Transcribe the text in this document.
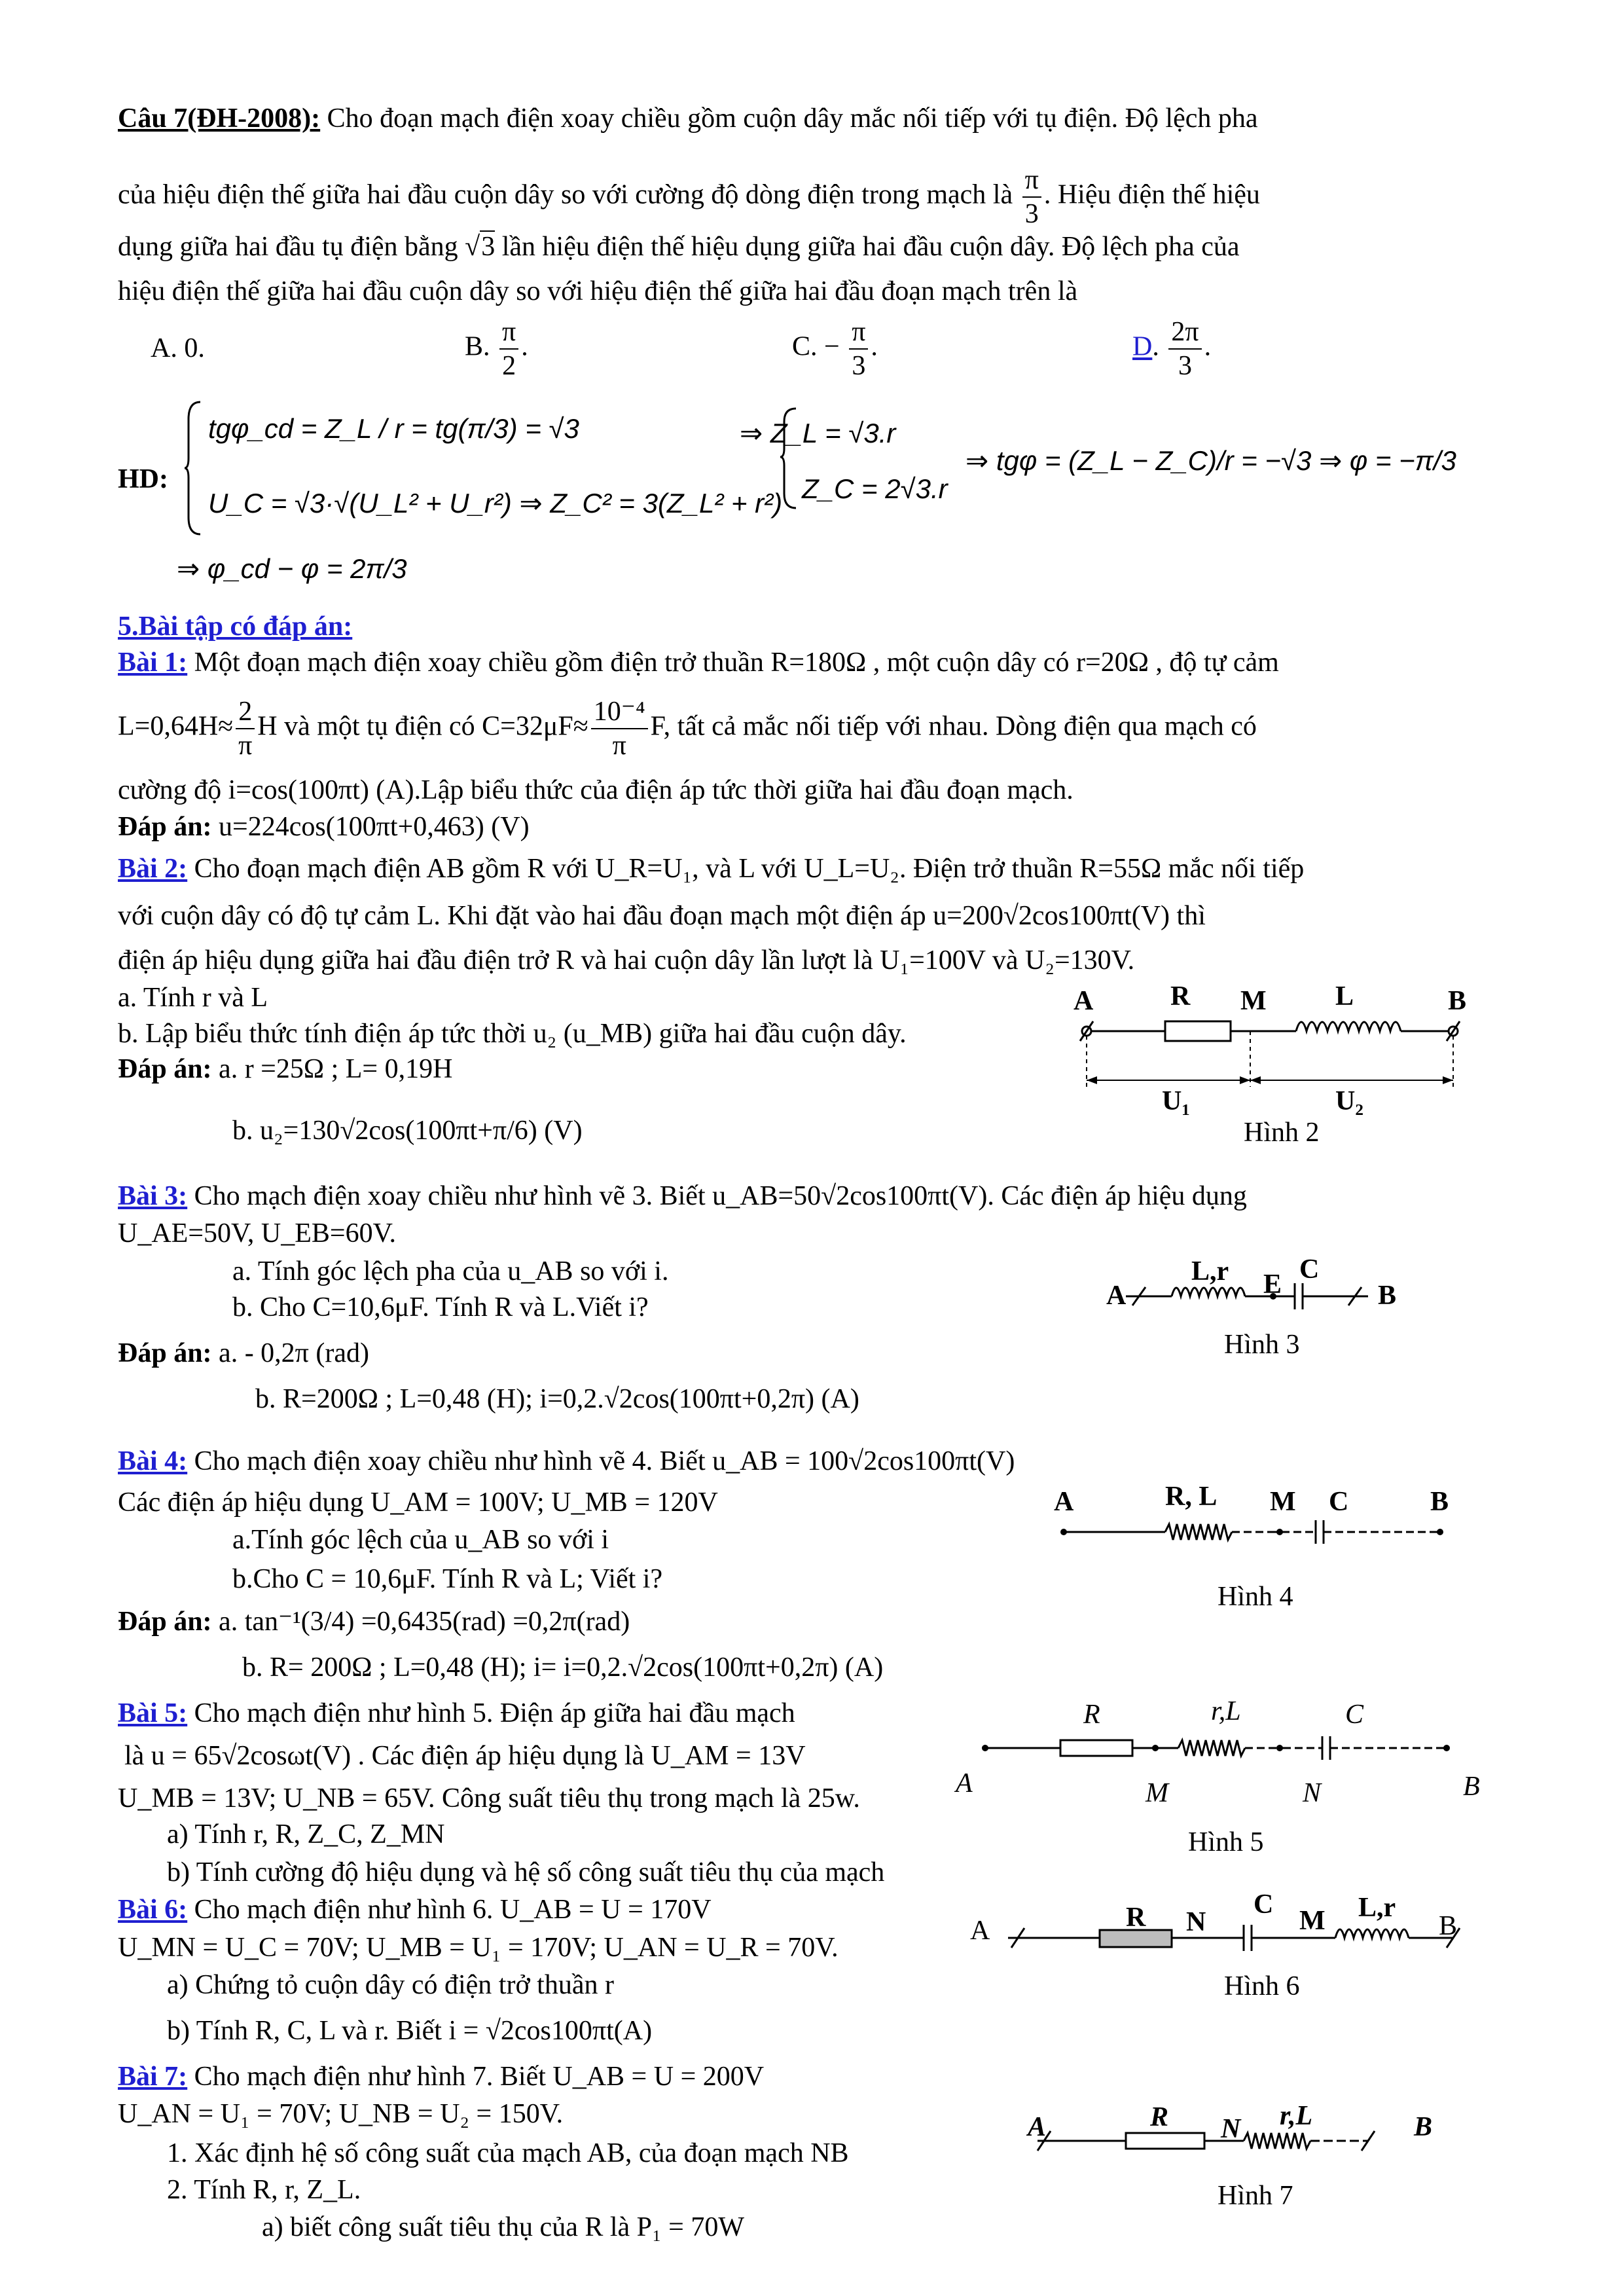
Câu 7(ĐH-2008): Cho đoạn mạch điện xoay chiều gồm cuộn dây mắc nối tiếp với tụ điện. Độ lệch pha
của hiệu điện thế giữa hai đầu cuộn dây so với cường độ dòng điện trong mạch là $\frac{\pi}{3}$ . Hiệu điện thế hiệu
dụng giữa hai đầu tụ điện bằng √3 lần hiệu điện thế hiệu dụng giữa hai đầu cuộn dây. Độ lệch pha của
hiệu điện thế giữa hai đầu cuộn dây so với hiệu điện thế giữa hai đầu đoạn mạch trên là
A. 0.	B. $\frac{\pi}{2}$ .	C. − $\frac{\pi}{3}$ .	D. $\frac{2\pi}{3}$ .
HD:
tgφ_cd = Z_L / r = tg(π/3) = √3
U_C = √3·√(U_L² + U_r²) ⇒ Z_C² = 3(Z_L² + r²)
⇒ Z_L = √3.r
Z_C = 2√3.r
⇒ tgφ = (Z_L − Z_C)/r = −√3 ⇒ φ = −π/3
⇒ φ_cd − φ = 2π/3
5.Bài tập có đáp án:
Bài 1: Một đoạn mạch điện xoay chiều gồm điện trở thuần R=180Ω , một cuộn dây có r=20Ω , độ tự cảm
$L=0,64H\approx \frac{2}{\pi}$ H và một tụ điện có $C=32\mu F\approx \frac{\text{10⁻⁴}}{\pi} F$, tất cả mắc nối tiếp với nhau. Dòng điện qua mạch có
cường độ i=cos(100πt) (A).Lập biểu thức của điện áp tức thời giữa hai đầu đoạn mạch.
Đáp án: u=224cos(100πt+0,463) (V)
Bài 2: Cho đoạn mạch điện AB gồm R với U_R=U₁, và L với U_L=U₂. Điện trở thuần R=55Ω mắc nối tiếp
với cuộn dây có độ tự cảm L. Khi đặt vào hai đầu đoạn mạch một điện áp u=200√2cos100πt(V) thì
điện áp hiệu dụng giữa hai đầu điện trở R và hai cuộn dây lần lượt là U₁=100V và U₂=130V.
a. Tính r và L
b. Lập biểu thức tính điện áp tức thời u₂ (u_MB) giữa hai đầu cuộn dây.
Đáp án: a. r =25Ω ; L= 0,19H
b. u₂=130√2cos(100πt+π/6) (V)
A	R M	L	B
U₁	U₂
Hình 2
Bài 3: Cho mạch điện xoay chiều như hình vẽ 3. Biết u_AB=50√2cos100πt(V). Các điện áp hiệu dụng
U_AE=50V, U_EB=60V.
a. Tính góc lệch pha của u_AB so với i.
b. Cho C=10,6μF. Tính R và L.Viết i?
Đáp án: a. - 0,2π (rad)
b. R=200Ω ; L=0,48 (H); i=0,2.√2cos(100πt+0,2π) (A)
A
L,r E C
B
Hình 3
Bài 4: Cho mạch điện xoay chiều như hình vẽ 4. Biết u_AB = 100√2cos100πt(V)
Các điện áp hiệu dụng U_AM = 100V; U_MB = 120V
a.Tính góc lệch của u_AB so với i
b.Cho C = 10,6μF. Tính R và L; Viết i?
Đáp án: a. tan⁻¹(3/4) =0,6435(rad) =0,2π(rad)
b. R= 200Ω ; L=0,48 (H); i= i=0,2.√2cos(100πt+0,2π) (A)
A	R, L M C	B
Hình 4
Bài 5: Cho mạch điện như hình 5. Điện áp giữa hai đầu mạch
là u = 65√2cosωt(V) . Các điện áp hiệu dụng là U_AM = 13V
U_MB = 13V; U_NB = 65V. Công suất tiêu thụ trong mạch là 25w.
a) Tính r, R, Z_C, Z_MN
b) Tính cường độ hiệu dụng và hệ số công suất tiêu thụ của mạch
R	r,L	C
A	M	N	B
Hình 5
Bài 6: Cho mạch điện như hình 6. U_AB = U = 170V
U_MN = U_C = 70V; U_MB = U₁ = 170V; U_AN = U_R = 70V.
a) Chứng tỏ cuộn dây có điện trở thuần r
b) Tính R, C, L và r. Biết i = √2cos100πt(A)
A	R N
C
M L,r
B
Hình 6
Bài 7: Cho mạch điện như hình 7. Biết U_AB = U = 200V
U_AN = U₁ = 70V; U_NB = U₂ = 150V.
1. Xác định hệ số công suất của mạch AB, của đoạn mạch NB
2. Tính R, r, Z_L.
a) biết công suất tiêu thụ của R là P₁ = 70W
A	R N r,L	B
Hình 7
